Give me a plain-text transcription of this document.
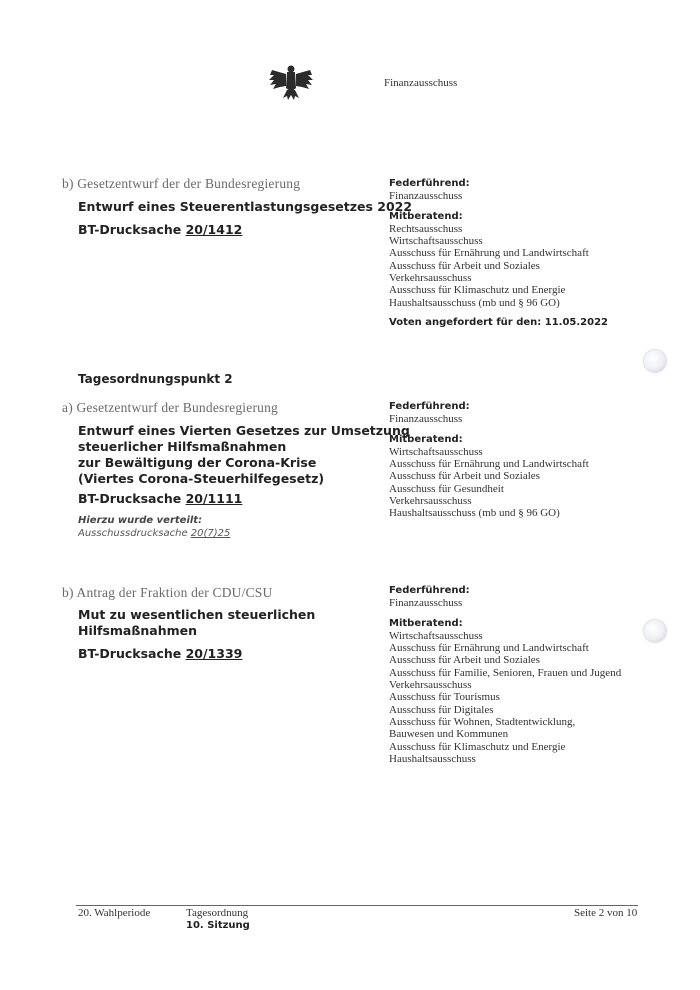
Finanzausschuss
b) Gesetzentwurf der der Bundesregierung
Entwurf eines Steuerentlastungsgesetzes 2022
BT-Drucksache 20/1412
Federführend:
Finanzausschuss
Mitberatend:
Rechtsausschuss
Wirtschaftsausschuss
Ausschuss für Ernährung und Landwirtschaft
Ausschuss für Arbeit und Soziales
Verkehrsausschuss
Ausschuss für Klimaschutz und Energie
Haushaltsausschuss (mb und § 96 GO)
Voten angefordert für den: 11.05.2022
Tagesordnungspunkt 2
a) Gesetzentwurf der Bundesregierung
Entwurf eines Vierten Gesetzes zur Umsetzung
steuerlicher Hilfsmaßnahmen
zur Bewältigung der Corona-Krise
(Viertes Corona-Steuerhilfegesetz)
BT-Drucksache 20/1111
Hierzu wurde verteilt:
Ausschussdrucksache 20(7)25
Federführend:
Finanzausschuss
Mitberatend:
Wirtschaftsausschuss
Ausschuss für Ernährung und Landwirtschaft
Ausschuss für Arbeit und Soziales
Ausschuss für Gesundheit
Verkehrsausschuss
Haushaltsausschuss (mb und § 96 GO)
b) Antrag der Fraktion der CDU/CSU
Mut zu wesentlichen steuerlichen
Hilfsmaßnahmen
BT-Drucksache 20/1339
Federführend:
Finanzausschuss
Mitberatend:
Wirtschaftsausschuss
Ausschuss für Ernährung und Landwirtschaft
Ausschuss für Arbeit und Soziales
Ausschuss für Familie, Senioren, Frauen und Jugend
Verkehrsausschuss
Ausschuss für Tourismus
Ausschuss für Digitales
Ausschuss für Wohnen, Stadtentwicklung,
Bauwesen und Kommunen
Ausschuss für Klimaschutz und Energie
Haushaltsausschuss
20. Wahlperiode	Tagesordnung
10. Sitzung
Seite 2 von 10
